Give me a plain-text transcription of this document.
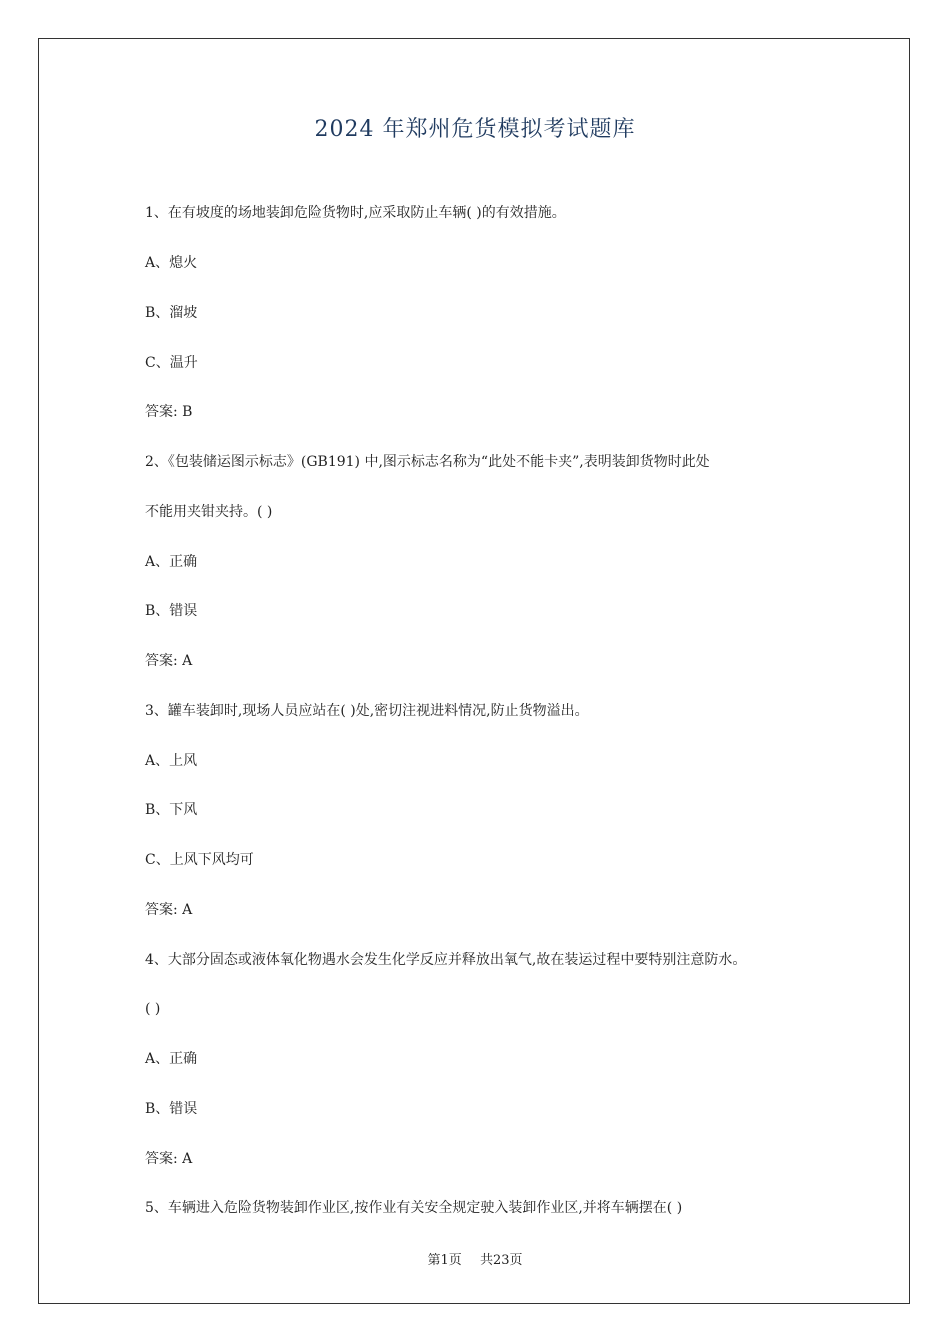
2024 年郑州危货模拟考试题库
1、在有坡度的场地装卸危险货物时,应采取防止车辆( )的有效措施。
A、熄火
B、溜坡
C、温升
答案: B
2、《包装储运图示标志》(GB191) 中,图示标志名称为“此处不能卡夹”,表明装卸货物时此处
不能用夹钳夹持。( )
A、正确
B、错误
答案: A
3、罐车装卸时,现场人员应站在( )处,密切注视进料情况,防止货物溢出。
A、上风
B、下风
C、上风下风均可
答案: A
4、大部分固态或液体氧化物遇水会发生化学反应并释放出氧气,故在装运过程中要特别注意防水。
( )
A、正确
B、错误
答案: A
5、车辆进入危险货物装卸作业区,按作业有关安全规定驶入装卸作业区,并将车辆摆在( )
第1页 共23页
